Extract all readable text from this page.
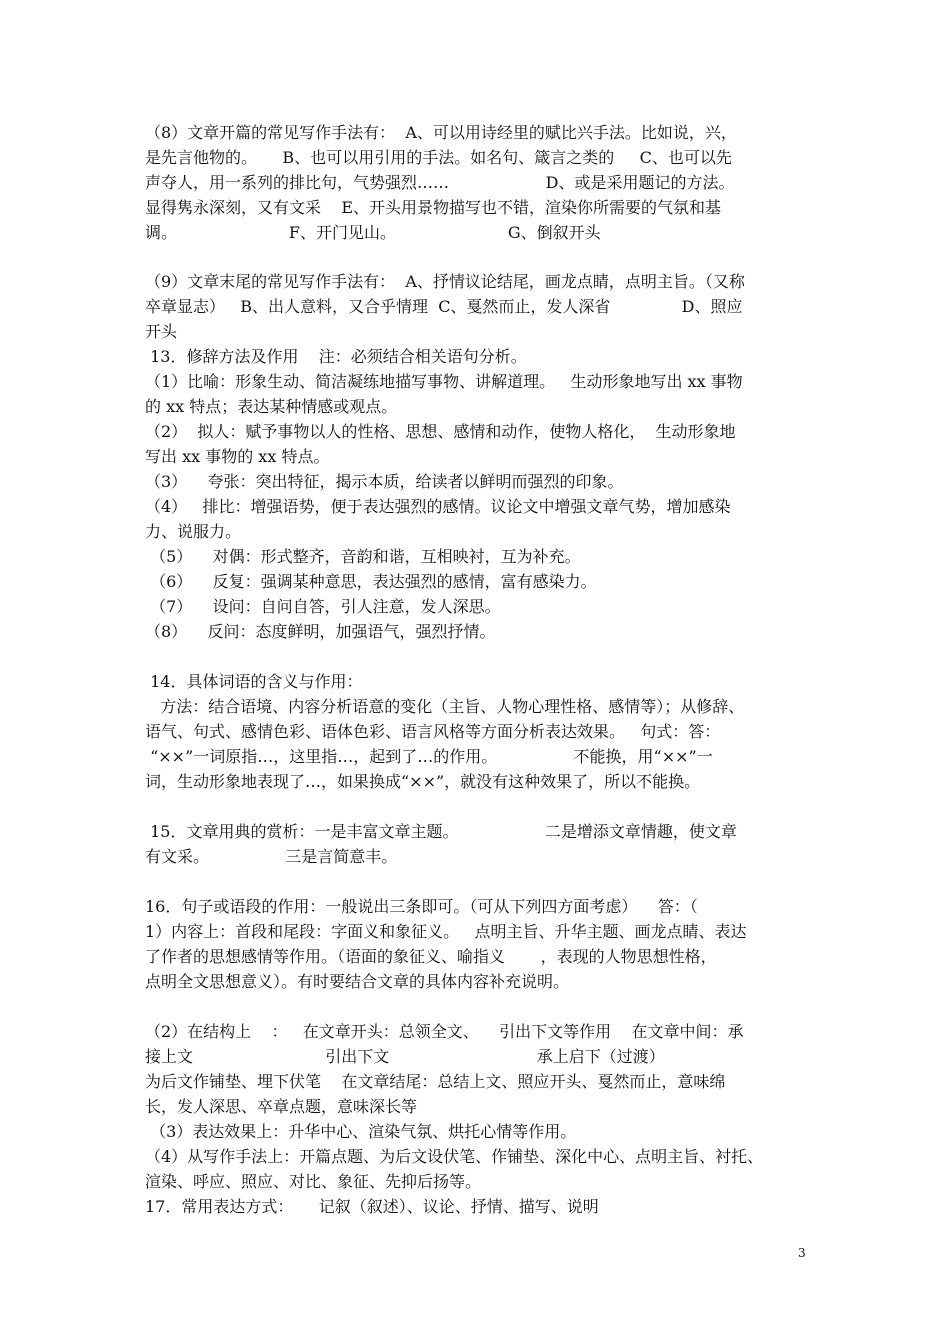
（8）文章开篇的常见写作手法有：  A、可以用诗经里的赋比兴手法。比如说，兴，
是先言他物的。     B、也可以用引用的手法。如名句、箴言之类的     C、也可以先
声夺人，用一系列的排比句，气势强烈……                   D、或是采用题记的方法。
显得隽永深刻，又有文采    E、开头用景物描写也不错，渲染你所需要的气氛和基
调。                      F、开门见山。                      G、倒叙开头
（9）文章末尾的常见写作手法有：  A、抒情议论结尾，画龙点睛，点明主旨。（又称
卒章显志）   B、出人意料，又合乎情理  C、戛然而止，发人深省              D、照应
开头
13．修辞方法及作用    注：必须结合相关语句分析。
（1）比喻：形象生动、简洁凝练地描写事物、讲解道理。   生动形象地写出 xx 事物
的 xx 特点；表达某种情感或观点。
（2）  拟人：赋予事物以人的性格、思想、感情和动作，使物人格化，  生动形象地
写出 xx 事物的 xx 特点。
（3）    夸张：突出特征，揭示本质，给读者以鲜明而强烈的印象。
（4）   排比：增强语势，便于表达强烈的感情。议论文中增强文章气势，增加感染
力、说服力。
（5）    对偶：形式整齐，音韵和谐，互相映衬，互为补充。
（6）    反复：强调某种意思，表达强烈的感情，富有感染力。
（7）    设问：自问自答，引人注意，发人深思。
（8）    反问：态度鲜明，加强语气，强烈抒情。
14．具体词语的含义与作用：
方法：结合语境、内容分析语意的变化（主旨、人物心理性格、感情等）；从修辞、
语气、句式、感情色彩、语体色彩、语言风格等方面分析表达效果。   句式：答：
“××”一词原指…，这里指…，起到了…的作用。               不能换，用“××”一
词，生动形象地表现了…，如果换成“××”，就没有这种效果了，所以不能换。
15．文章用典的赏析：一是丰富文章主题。                 二是增添文章情趣，使文章
有文采。               三是言简意丰。
16．句子或语段的作用：一般说出三条即可。（可从下列四方面考虑）    答：（
1）内容上：首段和尾段：字面义和象征义。   点明主旨、升华主题、画龙点睛、表达
了作者的思想感情等作用。（语面的象征义、喻指义       ，表现的人物思想性格，
点明全文思想意义）。有时要结合文章的具体内容补充说明。
（2）在结构上    ：   在文章开头：总领全文、    引出下文等作用    在文章中间：承
接上文                          引出下文                             承上启下（过渡）
为后文作铺垫、埋下伏笔    在文章结尾：总结上文、照应开头、戛然而止，意味绵
长，发人深思、卒章点题，意味深长等
（3）表达效果上：升华中心、渲染气氛、烘托心情等作用。
（4）从写作手法上：开篇点题、为后文设伏笔、作铺垫、深化中心、点明主旨、衬托、
渲染、呼应、照应、对比、象征、先抑后扬等。
17．常用表达方式：     记叙（叙述）、议论、抒情、描写、说明
3
